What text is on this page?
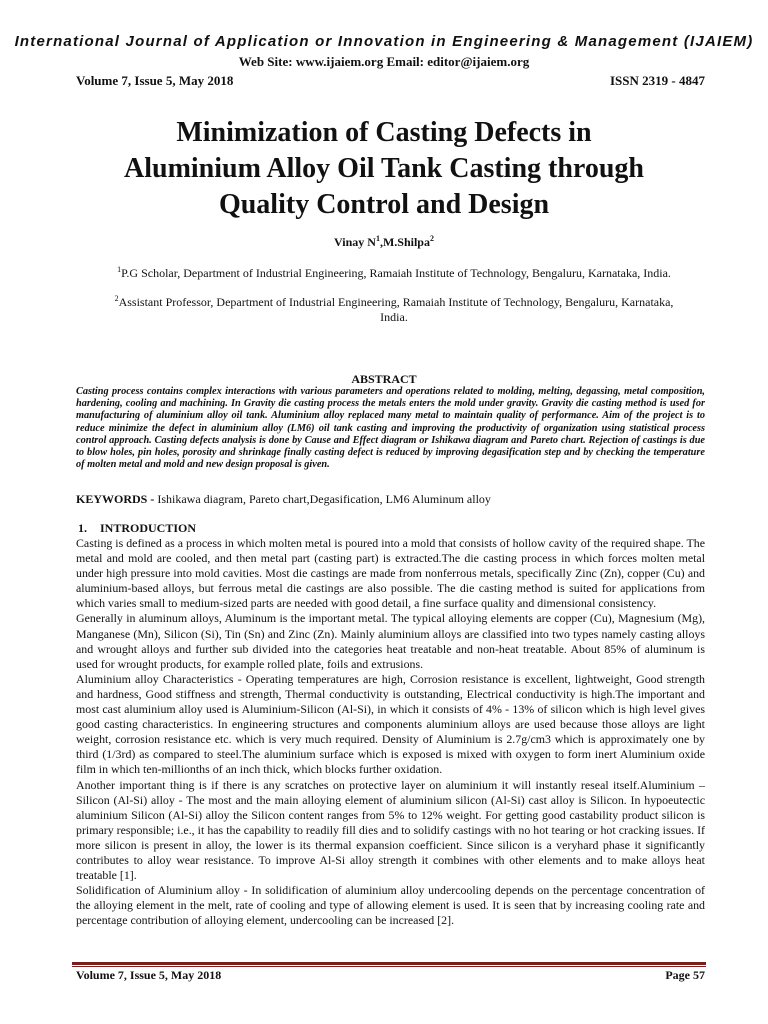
International Journal of Application or Innovation in Engineering & Management (IJAIEM)
Web Site: www.ijaiem.org Email: editor@ijaiem.org
Volume 7, Issue 5, May 2018	ISSN 2319 - 4847
Minimization of Casting Defects in
Aluminium Alloy Oil Tank Casting through
Quality Control and Design
Vinay $N^1,M.Shilpa^2$
$^1$P.G Scholar, Department of Industrial Engineering, Ramaiah Institute of Technology, Bengaluru, Karnataka, India.
$^2$Assistant Professor, Department of Industrial Engineering, Ramaiah Institute of Technology, Bengaluru, Karnataka, India.
ABSTRACT

Casting process contains complex interactions with various parameters and operations related to molding, melting, degassing, metal composition, hardening, cooling and machining. In Gravity die casting process the metals enters the mold under gravity. Gravity die casting method is used for manufacturing of aluminium alloy oil tank. Aluminium alloy replaced many metal to maintain quality of performance. Aim of the project is to reduce minimize the defect in aluminium alloy (LM6) oil tank casting and improving the productivity of organization using statistical process control approach. Casting defects analysis is done by Cause and Effect diagram or Ishikawa diagram and Pareto chart. Rejection of castings is due to blow holes, pin holes, porosity and shrinkage finally casting defect is reduced by improving degasification step and by checking the temperature of molten metal and mold and new design proposal is given.

KEYWORDS - Ishikawa diagram, Pareto chart,Degasification, LM6 Aluminum alloy
1. INTRODUCTION

Casting is defined as a process in which molten metal is poured into a mold that consists of hollow cavity of the required shape. The metal and mold are cooled, and then metal part (casting part) is extracted.The die casting process in which forces molten metal under high pressure into mold cavities. Most die castings are made from nonferrous metals, specifically Zinc (Zn), copper (Cu) and aluminium-based alloys, but ferrous metal die castings are also possible. The die casting method is suited for applications from which varies small to medium-sized parts are needed with good detail, a fine surface quality and dimensional consistency.

Generally in aluminum alloys, Aluminum is the important metal. The typical alloying elements are copper (Cu), Magnesium (Mg), Manganese (Mn), Silicon (Si), Tin (Sn) and Zinc (Zn). Mainly aluminium alloys are classified into two types namely casting alloys and wrought alloys and further sub divided into the categories heat treatable and non-heat treatable. About 85% of aluminum is used for wrought products, for example rolled plate, foils and extrusions.

Aluminium alloy Characteristics - Operating temperatures are high, Corrosion resistance is excellent, lightweight, Good strength and hardness, Good stiffness and strength, Thermal conductivity is outstanding, Electrical conductivity is high.The important and most cast aluminium alloy used is Aluminium-Silicon (Al-Si), in which it consists of 4% - 13% of silicon which is high level gives good casting characteristics. In engineering structures and components aluminium alloys are used because those alloys are light weight, corrosion resistance etc. which is very much required. Density of Aluminium is 2.7g/cm3 which is approximately one by third (1/3rd) as compared to steel.The aluminium surface which is exposed is mixed with oxygen to form inert Aluminium oxide film in which ten-millionths of an inch thick, which blocks further oxidation.

Another important thing is if there is any scratches on protective layer on aluminium it will instantly reseal itself.Aluminium – Silicon (Al-Si) alloy - The most and the main alloying element of aluminium silicon (Al-Si) cast alloy is Silicon. In hypoeutectic aluminium Silicon (Al-Si) alloy the Silicon content ranges from 5% to 12% weight. For getting good castability product silicon is primary responsible; i.e., it has the capability to readily fill dies and to solidify castings with no hot tearing or hot cracking issues. If more silicon is present in alloy, the lower is its thermal expansion coefficient. Since silicon is a veryhard phase it significantly contributes to alloy wear resistance. To improve Al-Si alloy strength it combines with other elements and to make alloys heat treatable [1].

Solidification of Aluminium alloy - In solidification of aluminium alloy undercooling depends on the percentage concentration of the alloying element in the melt, rate of cooling and type of allowing element is used. It is seen that by increasing cooling rate and percentage contribution of alloying element, undercooling can be increased [2].

Volume 7, Issue 5, May 2018	Page 57
